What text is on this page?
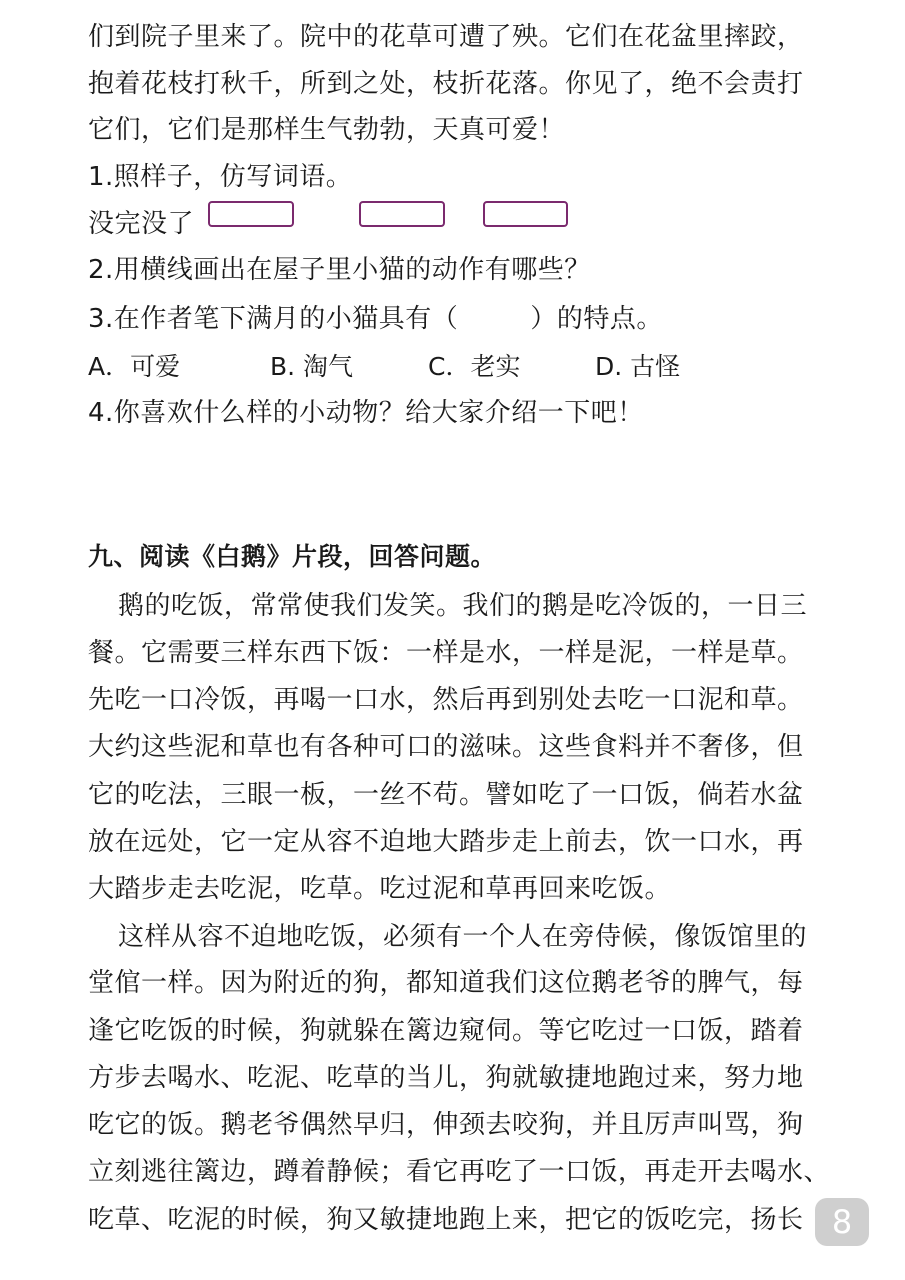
们到院子里来了。院中的花草可遭了殃。它们在花盆里摔跤，
抱着花枝打秋千，所到之处，枝折花落。你见了，绝不会责打
它们，它们是那样生气勃勃，天真可爱！
1.照样子，仿写词语。
没完没了
2.用横线画出在屋子里小猫的动作有哪些？
3.在作者笔下满月的小猫具有（	）的特点。
A．可爱	B. 淘气	C．老实	D. 古怪
4.你喜欢什么样的小动物？给大家介绍一下吧！
九、阅读《白鹅》片段，回答问题。
鹅的吃饭，常常使我们发笑。我们的鹅是吃冷饭的，一日三
餐。它需要三样东西下饭：一样是水，一样是泥，一样是草。
先吃一口冷饭，再喝一口水，然后再到别处去吃一口泥和草。
大约这些泥和草也有各种可口的滋味。这些食料并不奢侈，但
它的吃法，三眼一板，一丝不苟。譬如吃了一口饭，倘若水盆
放在远处，它一定从容不迫地大踏步走上前去，饮一口水，再
大踏步走去吃泥，吃草。吃过泥和草再回来吃饭。
这样从容不迫地吃饭，必须有一个人在旁侍候，像饭馆里的
堂倌一样。因为附近的狗，都知道我们这位鹅老爷的脾气，每
逢它吃饭的时候，狗就躲在篱边窥伺。等它吃过一口饭，踏着
方步去喝水、吃泥、吃草的当儿，狗就敏捷地跑过来，努力地
吃它的饭。鹅老爷偶然早归，伸颈去咬狗，并且厉声叫骂，狗
立刻逃往篱边，蹲着静候；看它再吃了一口饭，再走开去喝水、
吃草、吃泥的时候，狗又敏捷地跑上来，把它的饭吃完，扬长 8
